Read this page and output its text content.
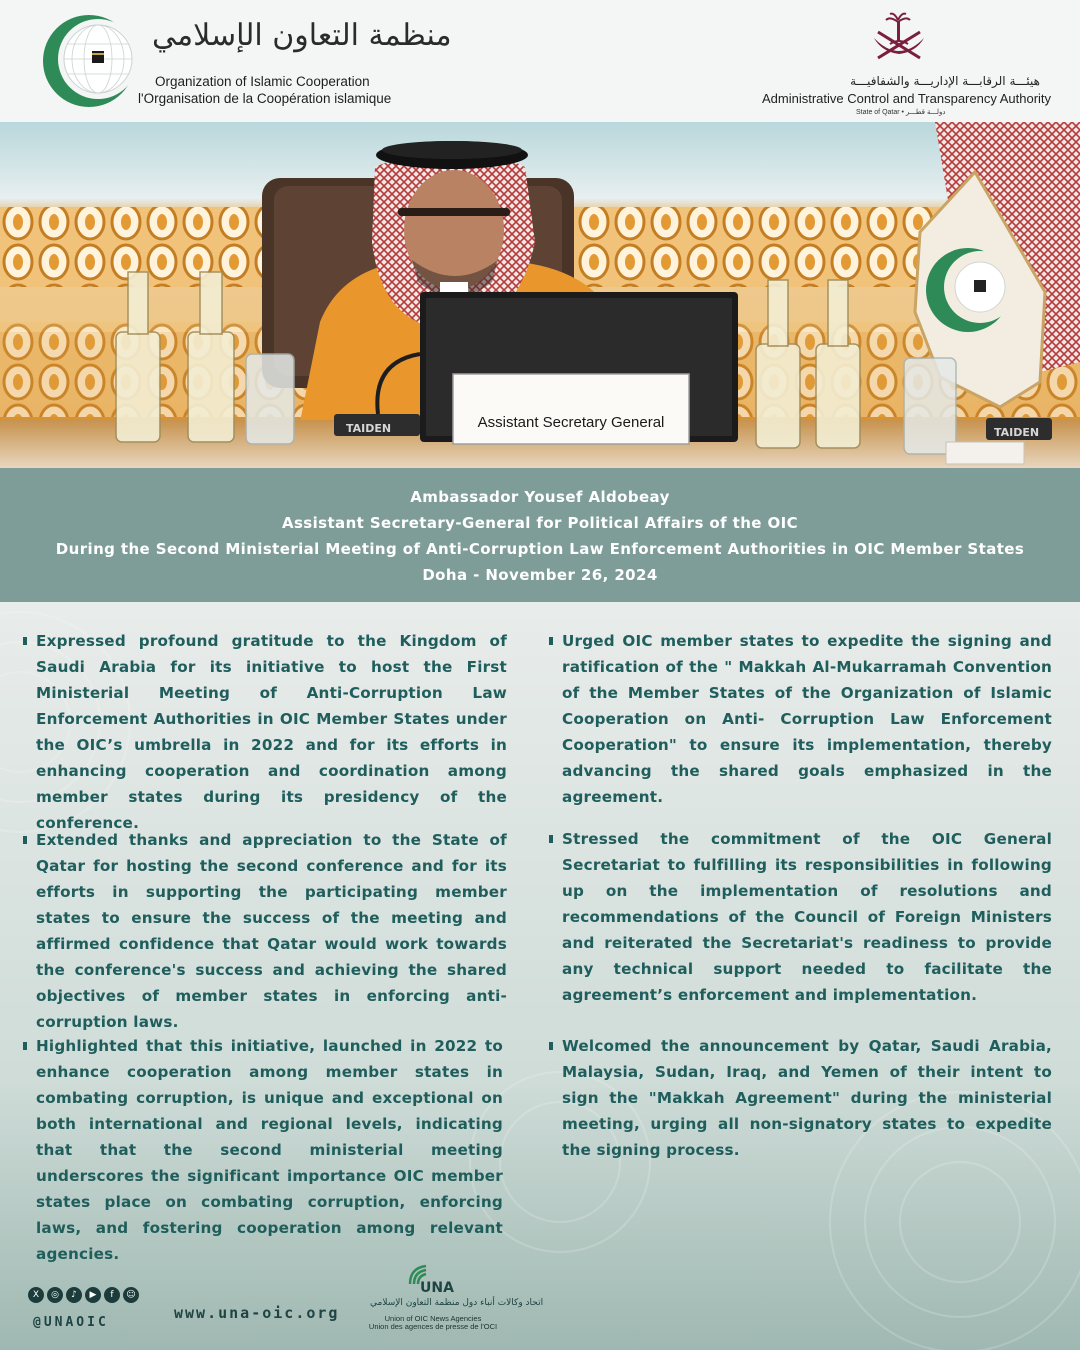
منظمة التعاون الإسلامي
Organization of Islamic Cooperation
l'Organisation de la Coopération islamique
هيئـــة الرقابـــة الإداريـــة والشفافيـــة
Administrative Control and Transparency Authority
State of Qatar • دولـــة قطـــر
TAIDEN	TAIDEN
Assistant Secretary General
Ambassador Yousef Aldobeay
Assistant Secretary-General for Political Affairs of the OIC
During the Second Ministerial Meeting of Anti-Corruption Law Enforcement Authorities in OIC Member States
Doha - November 26, 2024
Expressed profound gratitude to the Kingdom of Saudi Arabia for its initiative to host the First Ministerial Meeting of Anti-Corruption Law Enforcement Authorities in OIC Member States under the OIC’s umbrella in 2022 and for its efforts in enhancing cooperation and coordination among member states during its presidency of the conference.
Extended thanks and appreciation to the State of Qatar for hosting the second conference and for its efforts in supporting the participating member states to ensure the success of the meeting and affirmed confidence that Qatar would work towards the conference's success and achieving the shared objectives of member states in enforcing anti-corruption laws.
Highlighted that this initiative, launched in 2022 to enhance cooperation among member states in combating corruption, is unique and exceptional on both international and regional levels, indicating that that the second ministerial meeting underscores the significant importance OIC member states place on combating corruption, enforcing laws, and fostering cooperation among relevant agencies.
Urged OIC member states to expedite the signing and ratification of the " Makkah Al-Mukarramah Convention of the Member States of the Organization of Islamic Cooperation on Anti- Corruption Law Enforcement Cooperation" to ensure its implementation, thereby advancing the shared goals emphasized in the agreement.
Stressed the commitment of the OIC General Secretariat to fulfilling its responsibilities in following up on the implementation of resolutions and recommendations of the Council of Foreign Ministers and reiterated the Secretariat's readiness to provide any technical support needed to facilitate the agreement’s enforcement and implementation.
Welcomed the announcement by Qatar, Saudi Arabia, Malaysia, Sudan, Iraq, and Yemen of their intent to sign the "Makkah Agreement" during the ministerial meeting, urging all non-signatory states to expedite the signing process.
X	◎	♪	▶	f	☺
@UNAOIC
www.una-oic.org
UNA
اتحاد وكالات أنباء دول منظمة التعاون الإسلامي
Union of OIC News Agencies
Union des agences de presse de l'OCI
